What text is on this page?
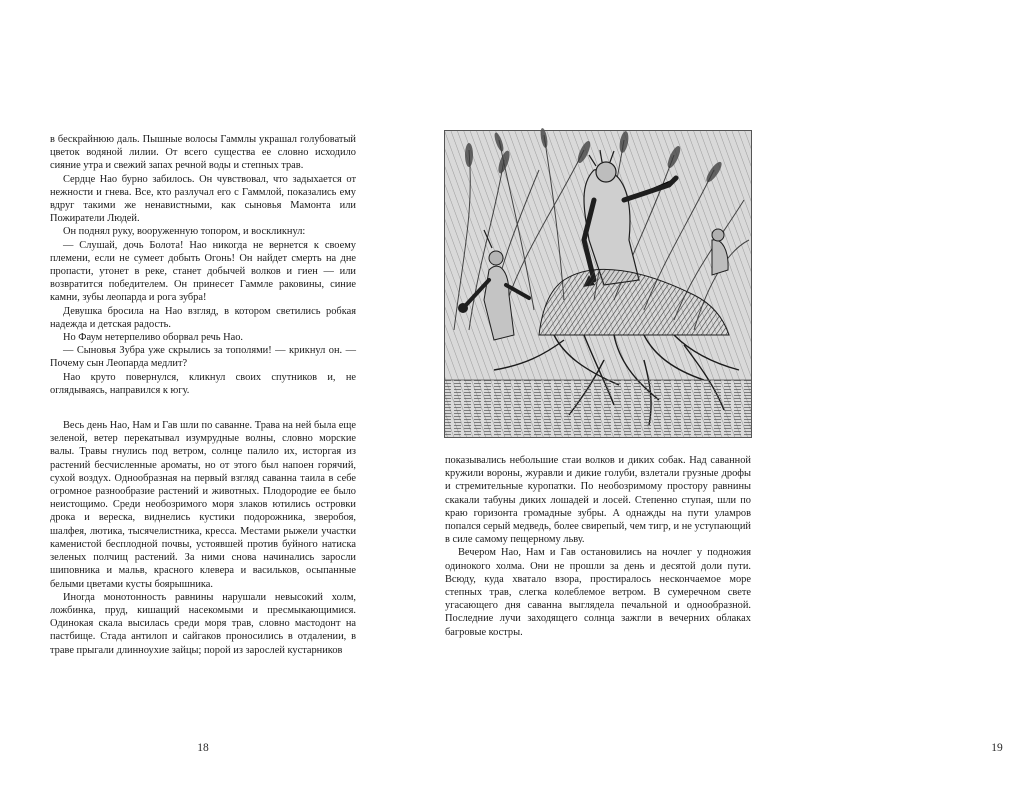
в бескрайнюю даль. Пышные волосы Гаммлы украшал голубоватый цветок водяной лилии. От всего существа ее словно исходило сияние утра и свежий запах речной воды и степных трав.

Сердце Нао бурно забилось. Он чувствовал, что задыхается от нежности и гнева. Все, кто разлучал его с Гаммлой, показались ему вдруг такими же ненавистными, как сыновья Мамонта или Пожиратели Людей.

Он поднял руку, вооруженную топором, и воскликнул:

— Слушай, дочь Болота! Нао никогда не вернется к своему племени, если не сумеет добыть Огонь! Он найдет смерть на дне пропасти, утонет в реке, станет добычей волков и гиен — или возвратится победителем. Он принесет Гаммле раковины, синие камни, зубы леопарда и рога зубра!

Девушка бросила на Нао взгляд, в котором светились робкая надежда и детская радость.

Но Фаум нетерпеливо оборвал речь Нао.

— Сыновья Зубра уже скрылись за тополями! — крикнул он. — Почему сын Леопарда медлит?

Нао круто повернулся, кликнул своих спутников и, не оглядываясь, направился к югу.

Весь день Нао, Нам и Гав шли по саванне. Трава на ней была еще зеленой, ветер перекатывал изумрудные волны, словно морские валы. Травы гнулись под ветром, солнце палило их, исторгая из растений бесчисленные ароматы, но от этого был напоен горячий, сухой воздух. Однообразная на первый взгляд саванна таила в себе огромное разнообразие растений и животных. Плодородие ее было неистощимо. Среди необозримого моря злаков ютились островки дрока и вереска, виднелись кустики подорожника, зверобоя, шалфея, лютика, тысячелистника, кресса. Местами рыжели участки каменистой бесплодной почвы, устоявшей против буйного натиска зеленых полчищ растений. За ними снова начинались заросли шиповника и мальв, красного клевера и васильков, осыпанные белыми цветами кусты боярышника.

Иногда монотонность равнины нарушали невысокий холм, ложбинка, пруд, кишащий насекомыми и пресмыкающимися. Одинокая скала высилась среди моря трав, словно мастодонт на пастбище. Стада антилоп и сайгаков проносились в отдалении, в траве прыгали длинноухие зайцы; порой из зарослей кустарников

18	19

показывались небольшие стаи волков и диких собак. Над саванной кружили вороны, журавли и дикие голуби, взлетали грузные дрофы и стремительные куропатки. По необозримому простору равнины скакали табуны диких лошадей и лосей. Степенно ступая, шли по краю горизонта громадные зубры. А однажды на пути уламров попался серый медведь, более свирепый, чем тигр, и не уступающий в силе самому пещерному льву.

Вечером Нао, Нам и Гав остановились на ночлег у подножия одинокого холма. Они не прошли за день и десятой доли пути. Всюду, куда хватало взора, простиралось нескончаемое море степных трав, слегка колеблемое ветром. В сумеречном свете угасающего дня саванна выглядела печальной и однообразной. Последние лучи заходящего солнца зажгли в вечерних облаках багровые костры.
